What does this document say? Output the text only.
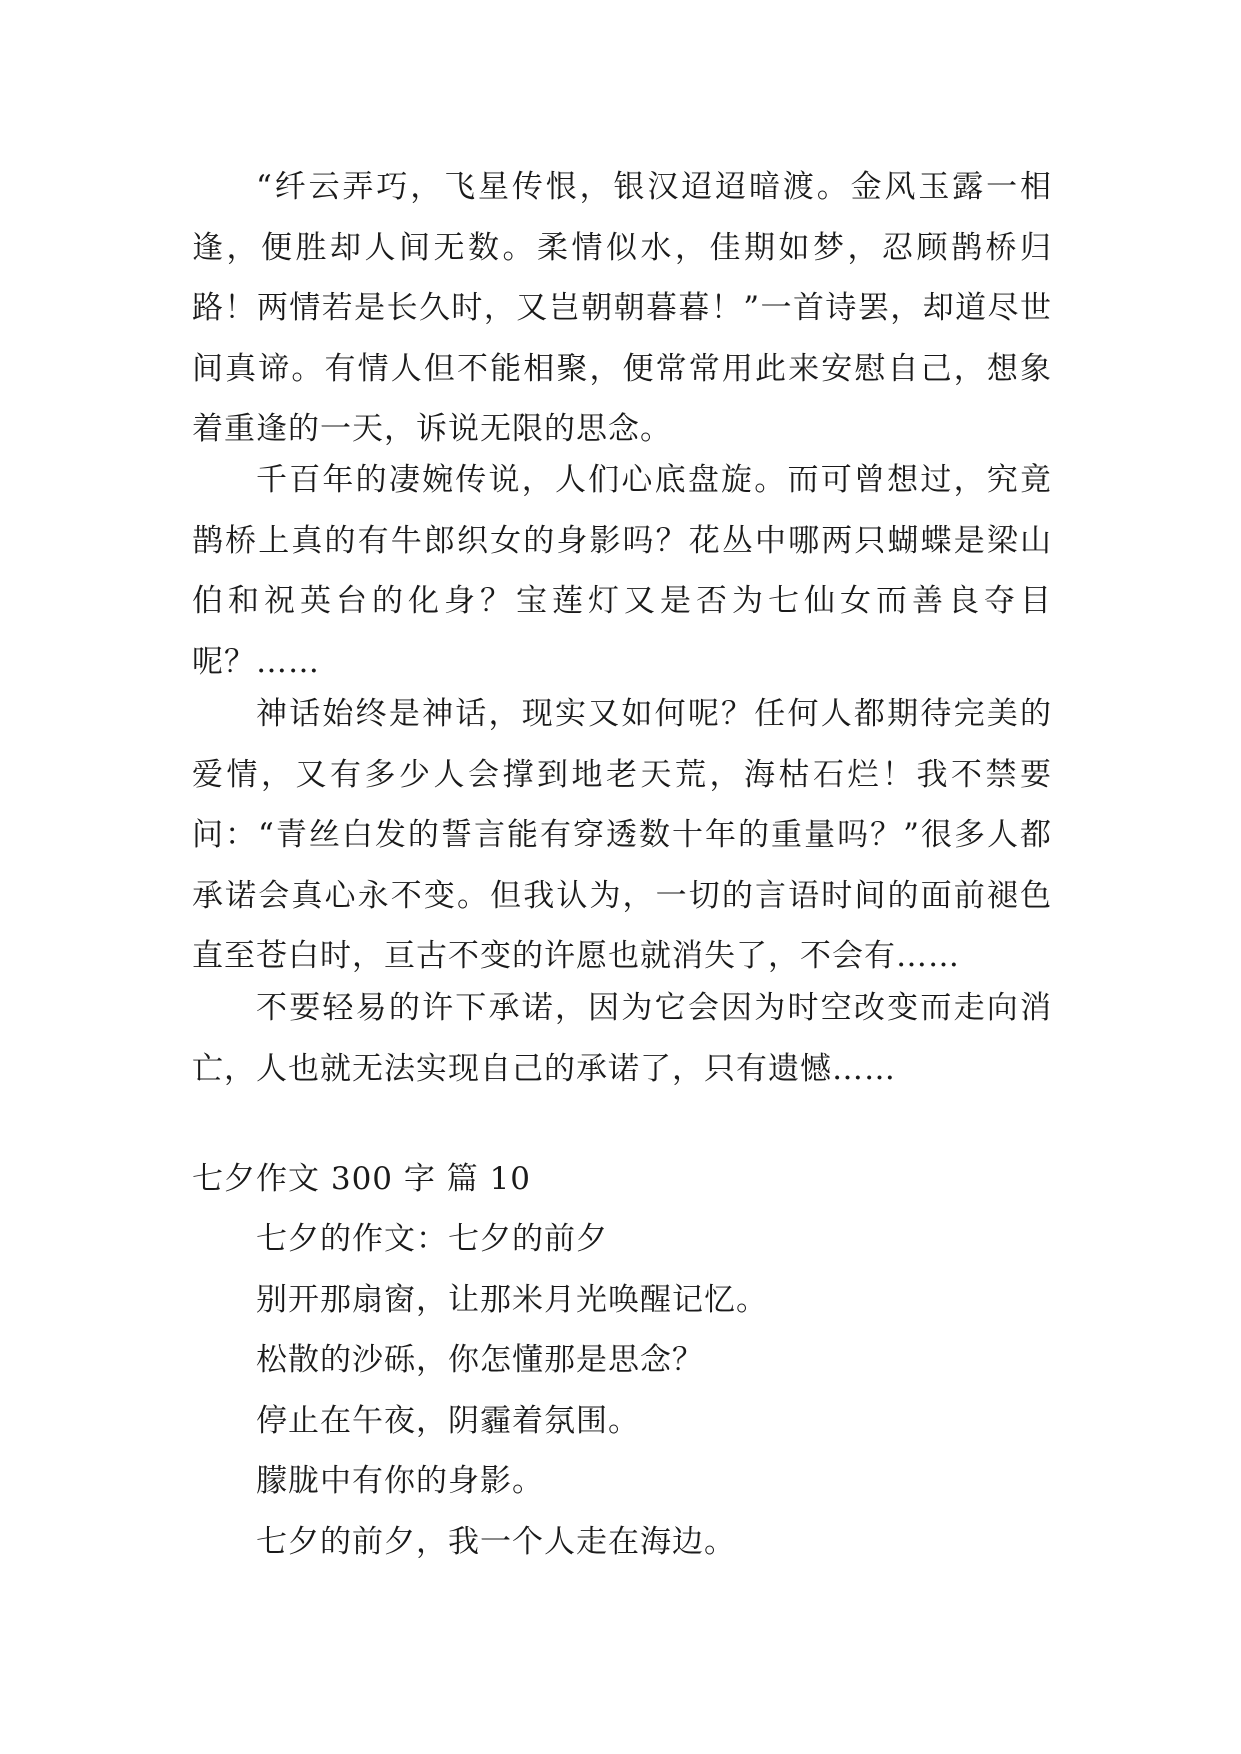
“纤云弄巧，飞星传恨，银汉迢迢暗渡。金风玉露一相逢，便胜却人间无数。柔情似水，佳期如梦，忍顾鹊桥归路！两情若是长久时，又岂朝朝暮暮！”一首诗罢，却道尽世间真谛。有情人但不能相聚，便常常用此来安慰自己，想象着重逢的一天，诉说无限的思念。

千百年的凄婉传说，人们心底盘旋。而可曾想过，究竟鹊桥上真的有牛郎织女的身影吗？花丛中哪两只蝴蝶是梁山伯和祝英台的化身？宝莲灯又是否为七仙女而善良夺目呢？……

神话始终是神话，现实又如何呢？任何人都期待完美的爱情，又有多少人会撑到地老天荒，海枯石烂！我不禁要问：“青丝白发的誓言能有穿透数十年的重量吗？”很多人都承诺会真心永不变。但我认为，一切的言语时间的面前褪色直至苍白时，亘古不变的许愿也就消失了，不会有……

不要轻易的许下承诺，因为它会因为时空改变而走向消亡，人也就无法实现自己的承诺了，只有遗憾……

七夕作文 300 字 篇 10
七夕的作文：七夕的前夕
别开那扇窗，让那米月光唤醒记忆。
松散的沙砾，你怎懂那是思念？
停止在午夜，阴霾着氛围。
朦胧中有你的身影。
七夕的前夕，我一个人走在海边。
